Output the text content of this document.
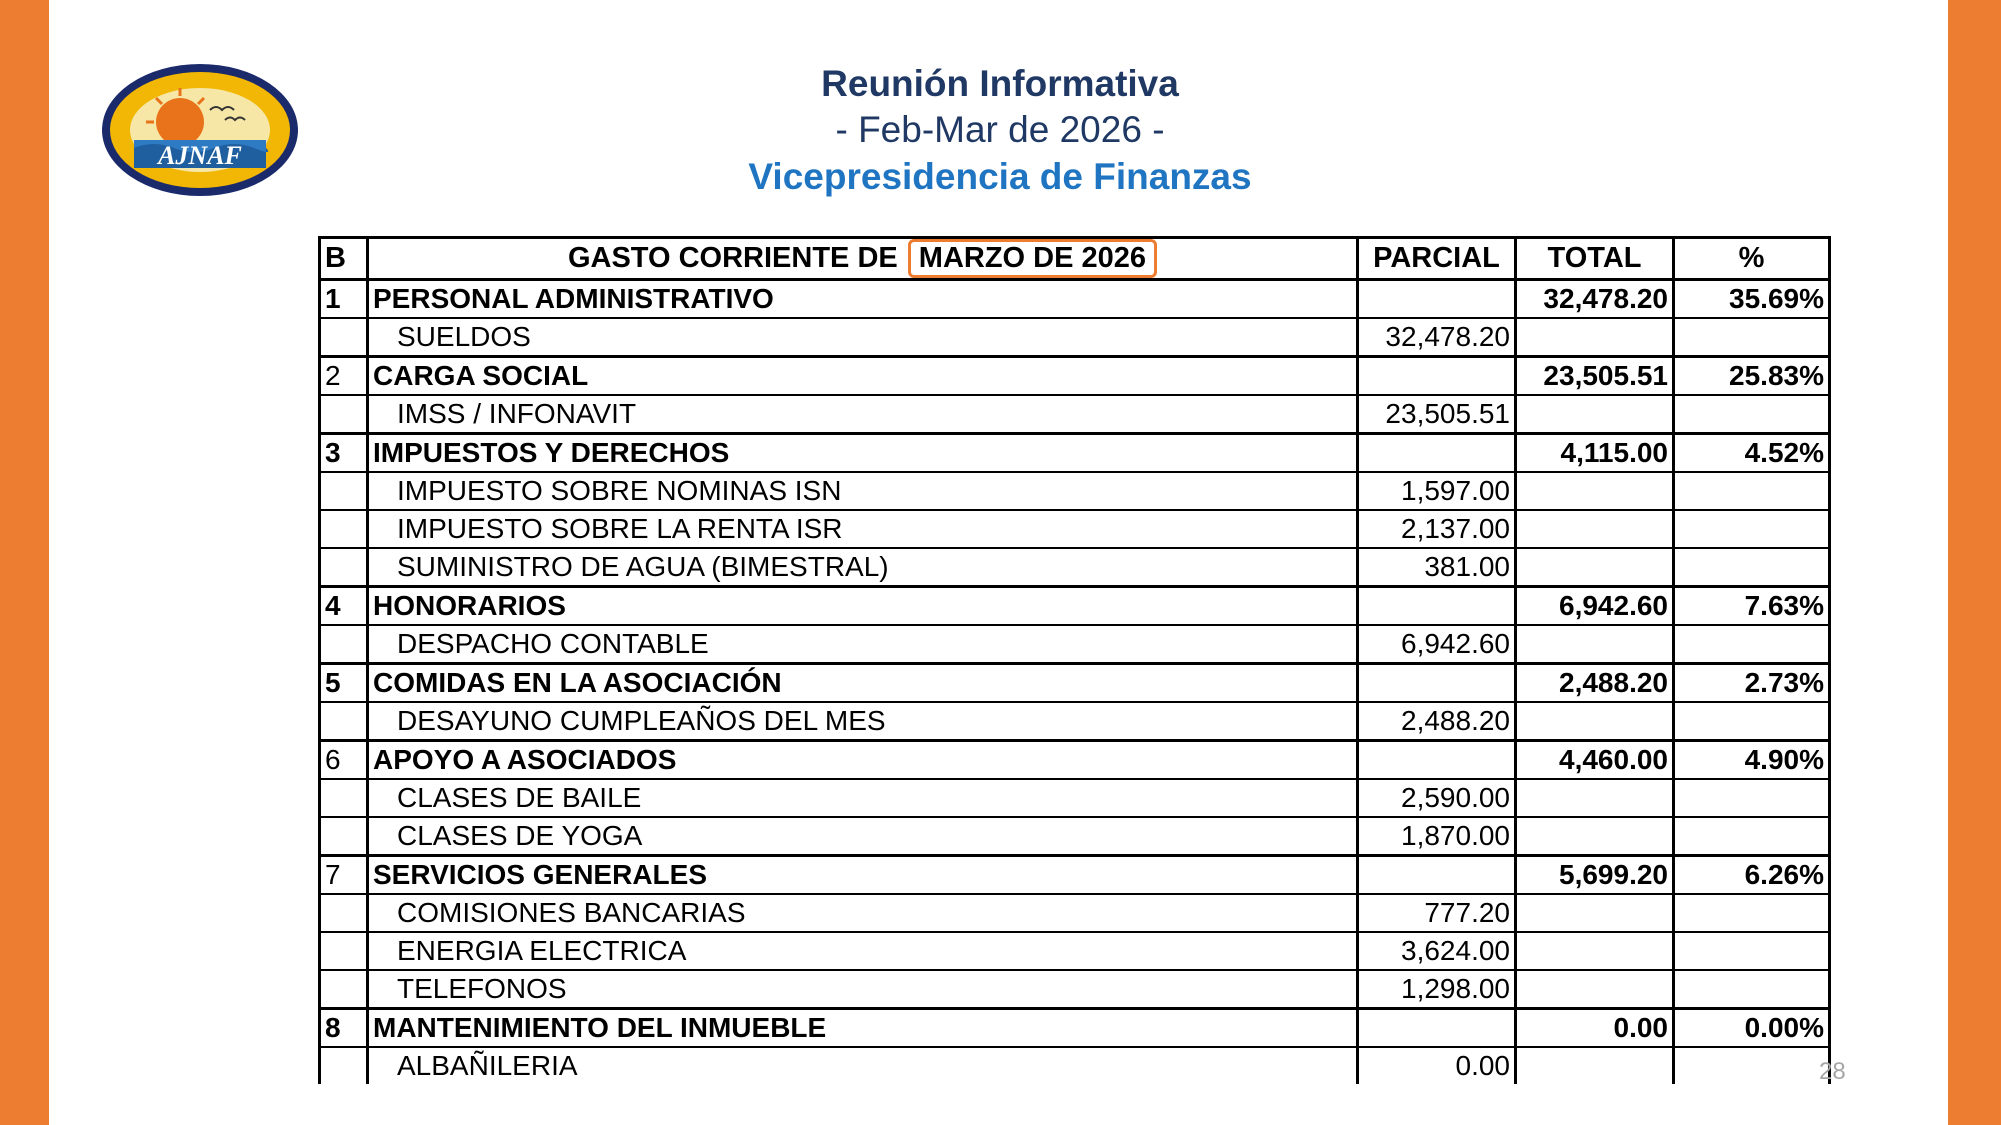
AJNAF
Reunión Informativa
- Feb-Mar de 2026 -
Vicepresidencia de Finanzas
B	GASTO CORRIENTE DE MARZO DE 2026	PARCIAL	TOTAL	%
1	PERSONAL ADMINISTRATIVO		32,478.20	35.69%
	SUELDOS	32,478.20		
2	CARGA SOCIAL		23,505.51	25.83%
	IMSS / INFONAVIT	23,505.51		
3	IMPUESTOS Y DERECHOS		4,115.00	4.52%
	IMPUESTO SOBRE NOMINAS ISN	1,597.00		
	IMPUESTO SOBRE LA RENTA ISR	2,137.00		
	SUMINISTRO DE AGUA (BIMESTRAL)	381.00		
4	HONORARIOS		6,942.60	7.63%
	DESPACHO CONTABLE	6,942.60		
5	COMIDAS EN LA ASOCIACIÓN		2,488.20	2.73%
	DESAYUNO CUMPLEAÑOS DEL MES	2,488.20		
6	APOYO A ASOCIADOS		4,460.00	4.90%
	CLASES DE BAILE	2,590.00		
	CLASES DE YOGA	1,870.00		
7	SERVICIOS GENERALES		5,699.20	6.26%
	COMISIONES BANCARIAS	777.20		
	ENERGIA ELECTRICA	3,624.00		
	TELEFONOS	1,298.00		
8	MANTENIMIENTO DEL INMUEBLE		0.00	0.00%
	ALBAÑILERIA	0.00			28
